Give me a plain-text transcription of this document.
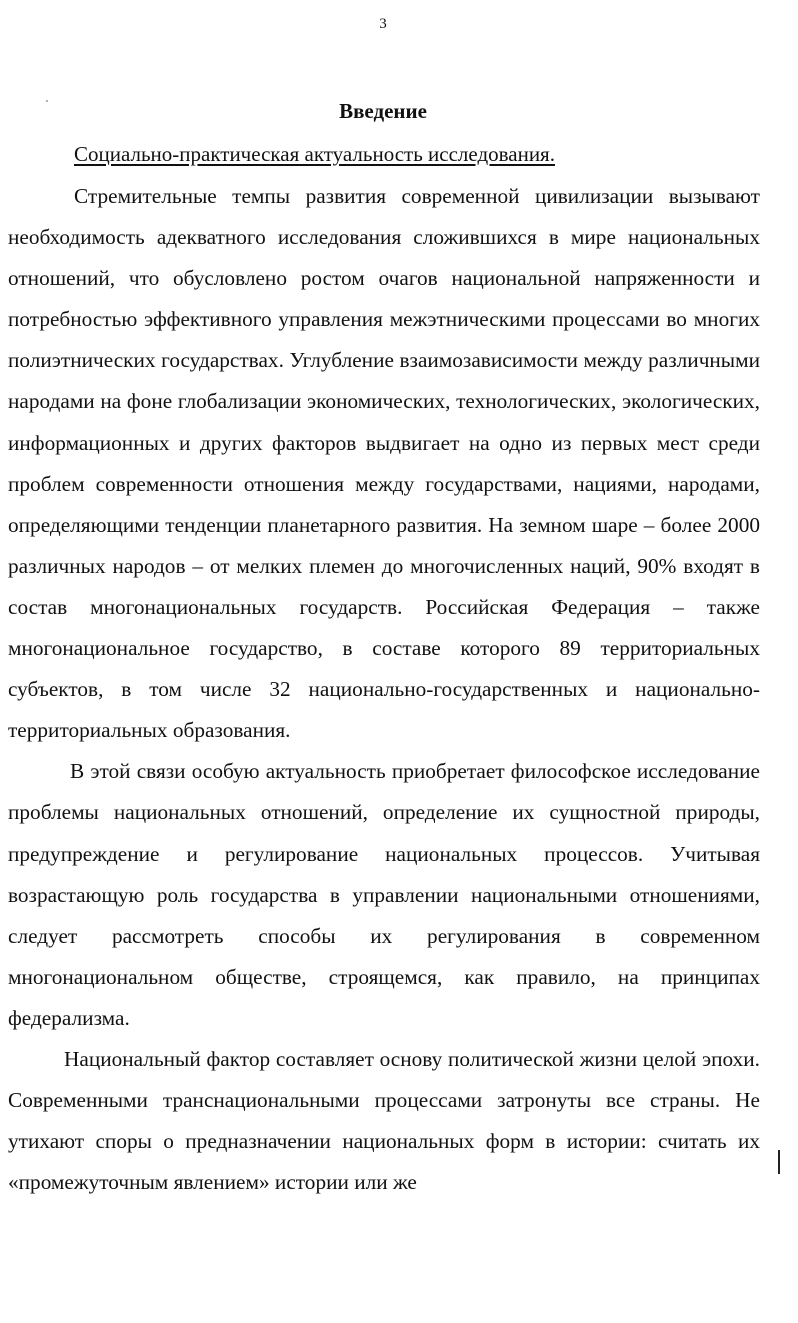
3
Введение
Социально-практическая актуальность исследования.

Стремительные темпы развития современной цивилизации вызывают необходимость адекватного исследования сложившихся в мире национальных отношений, что обусловлено ростом очагов национальной напряженности и потребностью эффективного управления межэтническими процессами во многих полиэтнических государствах. Углубление взаимозависимости между различными народами на фоне глобализации экономических, технологических, экологических, информационных и других факторов выдвигает на одно из первых мест среди проблем современности отношения между государствами, нациями, народами, определяющими тенденции планетарного развития. На земном шаре – более 2000 различных народов – от мелких племен до многочисленных наций, 90% входят в состав многонациональных государств. Российская Федерация – также многонациональное государство, в составе которого 89 территориальных субъектов, в том числе 32 национально-государственных и национально-территориальных образования.

В этой связи особую актуальность приобретает философское исследование проблемы национальных отношений, определение их сущностной природы, предупреждение и регулирование национальных процессов. Учитывая возрастающую роль государства в управлении национальными отношениями, следует рассмотреть способы их регулирования в современном многонациональном обществе, строящемся, как правило, на принципах федерализма.

Национальный фактор составляет основу политической жизни целой эпохи. Современными транснациональными процессами затронуты все страны. Не утихают споры о предназначении национальных форм в истории: считать их «промежуточным явлением» истории или же
